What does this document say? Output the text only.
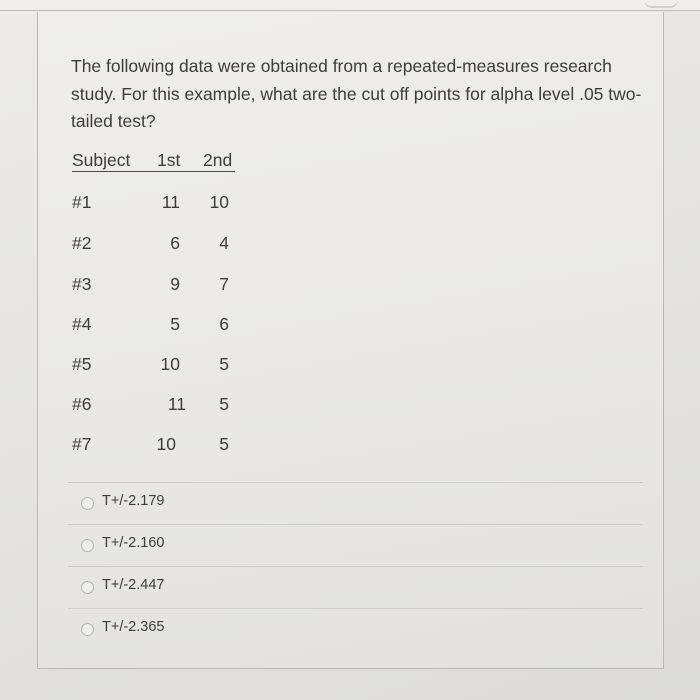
The following data were obtained from a repeated-measures research study. For this example, what are the cut off points for alpha level .05 two-tailed test?

Subject 1st 2nd
#1	11	10
#2	6	4
#3	9	7
#4	5	6
#5	10	5
#6	11	5
#7	10	5
T+/-2.179
T+/-2.160
T+/-2.447
T+/-2.365
